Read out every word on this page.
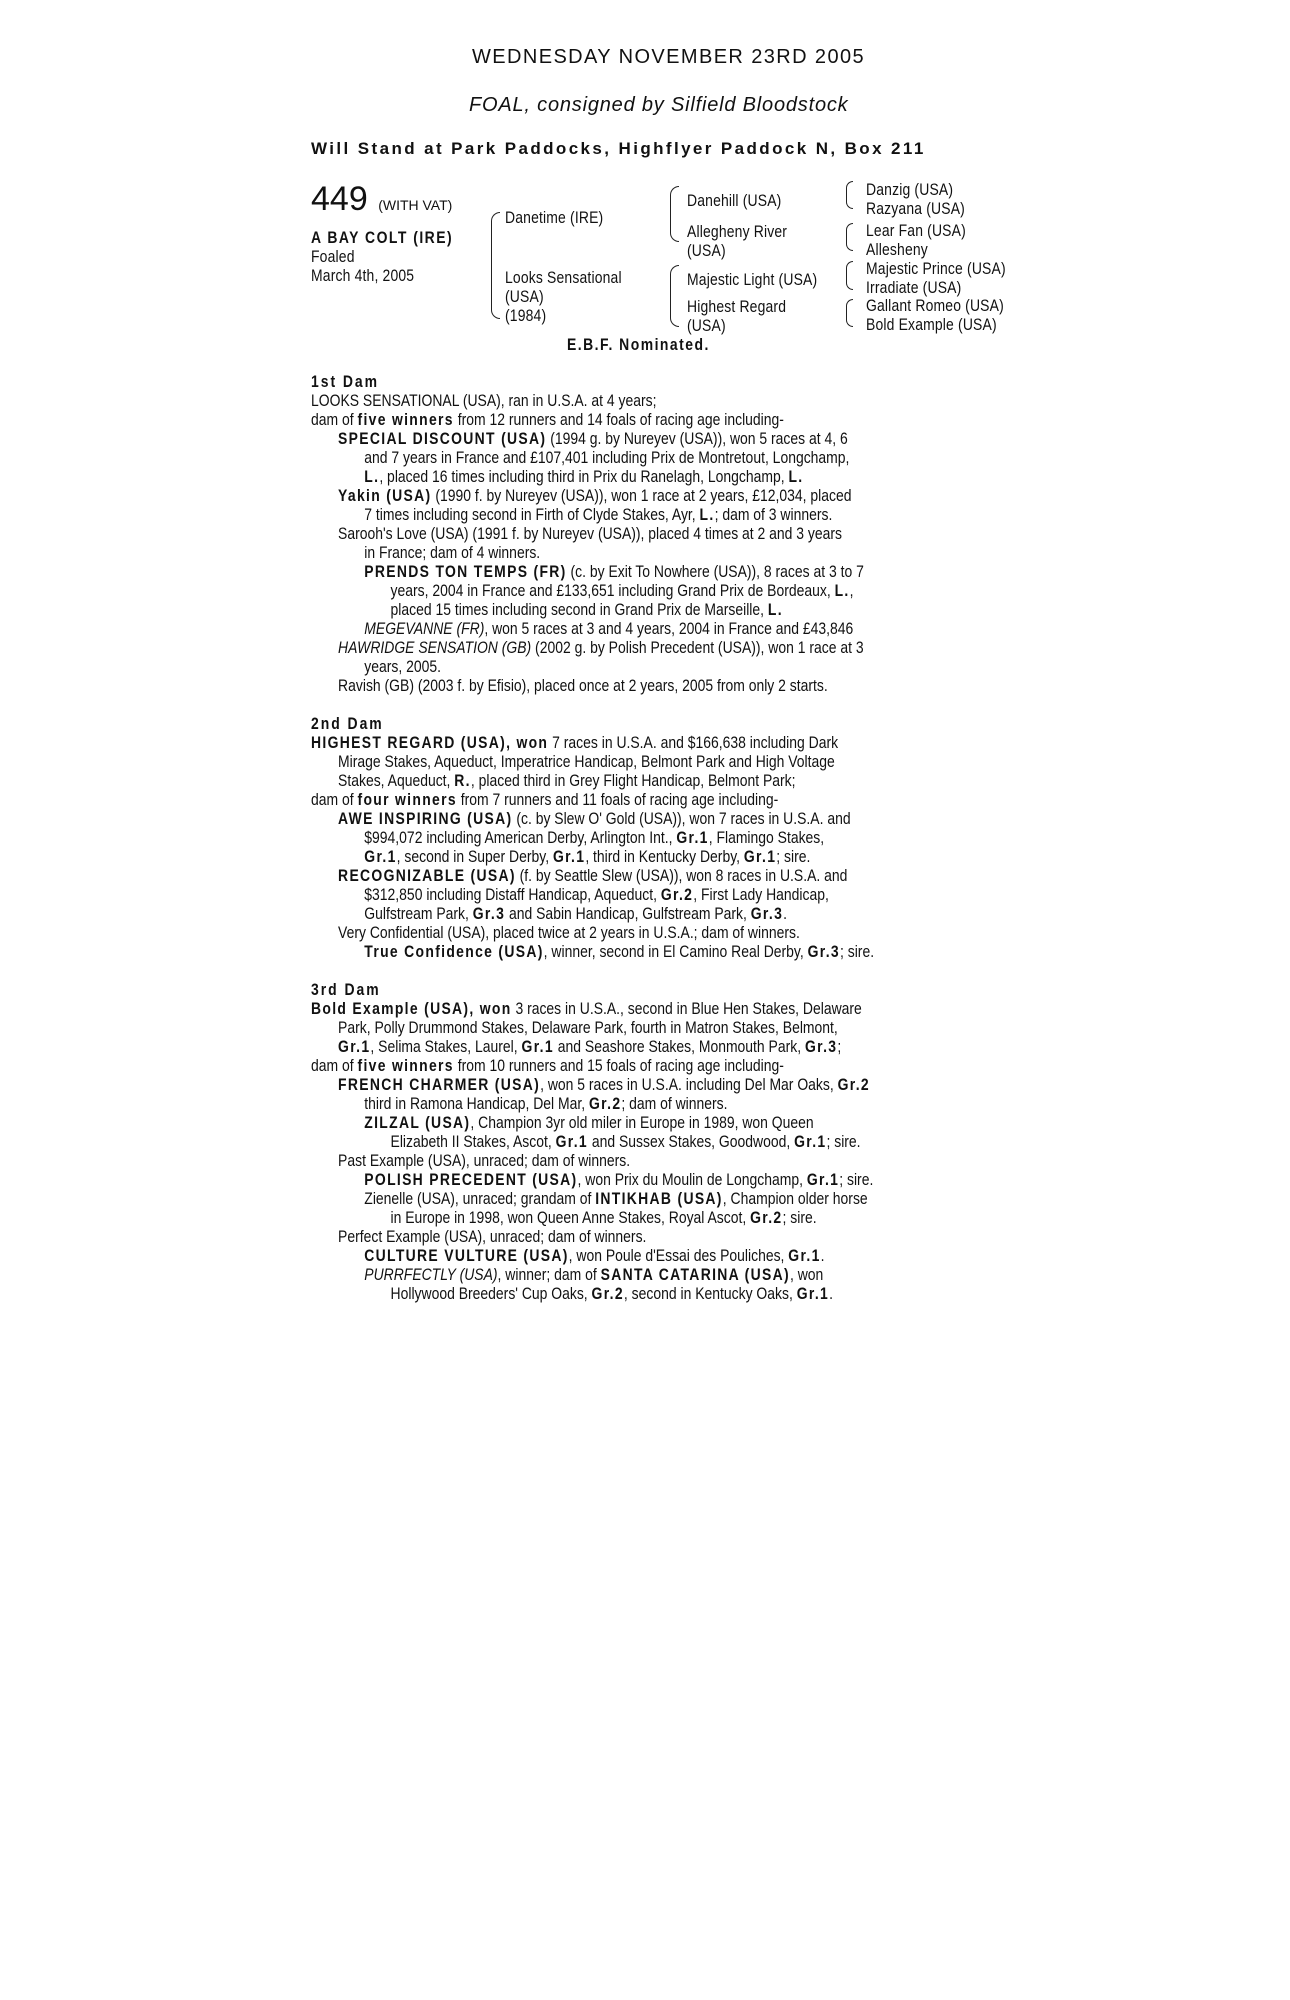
WEDNESDAY NOVEMBER 23RD 2005
FOAL, consigned by Silfield Bloodstock
Will Stand at Park Paddocks, Highflyer Paddock N, Box 211
449 (WITH VAT)
A BAY COLT (IRE)
Foaled
March 4th, 2005
Danetime (IRE)
Looks Sensational
(USA)
(1984)
Danehill (USA)
Allegheny River
(USA)
Majestic Light (USA)
Highest Regard
(USA)
Danzig (USA)
Razyana (USA)
Lear Fan (USA)
Allesheny
Majestic Prince (USA)
Irradiate (USA)
Gallant Romeo (USA)
Bold Example (USA)
E.B.F. Nominated.
1st Dam
LOOKS SENSATIONAL (USA), ran in U.S.A. at 4 years;
dam of five winners from 12 runners and 14 foals of racing age including-
SPECIAL DISCOUNT (USA) (1994 g. by Nureyev (USA)), won 5 races at 4, 6
and 7 years in France and £107,401 including Prix de Montretout, Longchamp,
L., placed 16 times including third in Prix du Ranelagh, Longchamp, L.
Yakin (USA) (1990 f. by Nureyev (USA)), won 1 race at 2 years, £12,034, placed
7 times including second in Firth of Clyde Stakes, Ayr, L.; dam of 3 winners.
Sarooh's Love (USA) (1991 f. by Nureyev (USA)), placed 4 times at 2 and 3 years
in France; dam of 4 winners.
PRENDS TON TEMPS (FR) (c. by Exit To Nowhere (USA)), 8 races at 3 to 7
years, 2004 in France and £133,651 including Grand Prix de Bordeaux, L.,
placed 15 times including second in Grand Prix de Marseille, L.
MEGEVANNE (FR), won 5 races at 3 and 4 years, 2004 in France and £43,846
HAWRIDGE SENSATION (GB) (2002 g. by Polish Precedent (USA)), won 1 race at 3
years, 2005.
Ravish (GB) (2003 f. by Efisio), placed once at 2 years, 2005 from only 2 starts.
2nd Dam
HIGHEST REGARD (USA), won 7 races in U.S.A. and $166,638 including Dark
Mirage Stakes, Aqueduct, Imperatrice Handicap, Belmont Park and High Voltage
Stakes, Aqueduct, R., placed third in Grey Flight Handicap, Belmont Park;
dam of four winners from 7 runners and 11 foals of racing age including-
AWE INSPIRING (USA) (c. by Slew O' Gold (USA)), won 7 races in U.S.A. and
$994,072 including American Derby, Arlington Int., Gr.1, Flamingo Stakes,
Gr.1, second in Super Derby, Gr.1, third in Kentucky Derby, Gr.1; sire.
RECOGNIZABLE (USA) (f. by Seattle Slew (USA)), won 8 races in U.S.A. and
$312,850 including Distaff Handicap, Aqueduct, Gr.2, First Lady Handicap,
Gulfstream Park, Gr.3 and Sabin Handicap, Gulfstream Park, Gr.3.
Very Confidential (USA), placed twice at 2 years in U.S.A.; dam of winners.
True Confidence (USA), winner, second in El Camino Real Derby, Gr.3; sire.
3rd Dam
Bold Example (USA), won 3 races in U.S.A., second in Blue Hen Stakes, Delaware
Park, Polly Drummond Stakes, Delaware Park, fourth in Matron Stakes, Belmont,
Gr.1, Selima Stakes, Laurel, Gr.1 and Seashore Stakes, Monmouth Park, Gr.3;
dam of five winners from 10 runners and 15 foals of racing age including-
FRENCH CHARMER (USA), won 5 races in U.S.A. including Del Mar Oaks, Gr.2
third in Ramona Handicap, Del Mar, Gr.2; dam of winners.
ZILZAL (USA), Champion 3yr old miler in Europe in 1989, won Queen
Elizabeth II Stakes, Ascot, Gr.1 and Sussex Stakes, Goodwood, Gr.1; sire.
Past Example (USA), unraced; dam of winners.
POLISH PRECEDENT (USA), won Prix du Moulin de Longchamp, Gr.1; sire.
Zienelle (USA), unraced; grandam of INTIKHAB (USA), Champion older horse
in Europe in 1998, won Queen Anne Stakes, Royal Ascot, Gr.2; sire.
Perfect Example (USA), unraced; dam of winners.
CULTURE VULTURE (USA), won Poule d'Essai des Pouliches, Gr.1.
PURRFECTLY (USA), winner; dam of SANTA CATARINA (USA), won
Hollywood Breeders' Cup Oaks, Gr.2, second in Kentucky Oaks, Gr.1.
